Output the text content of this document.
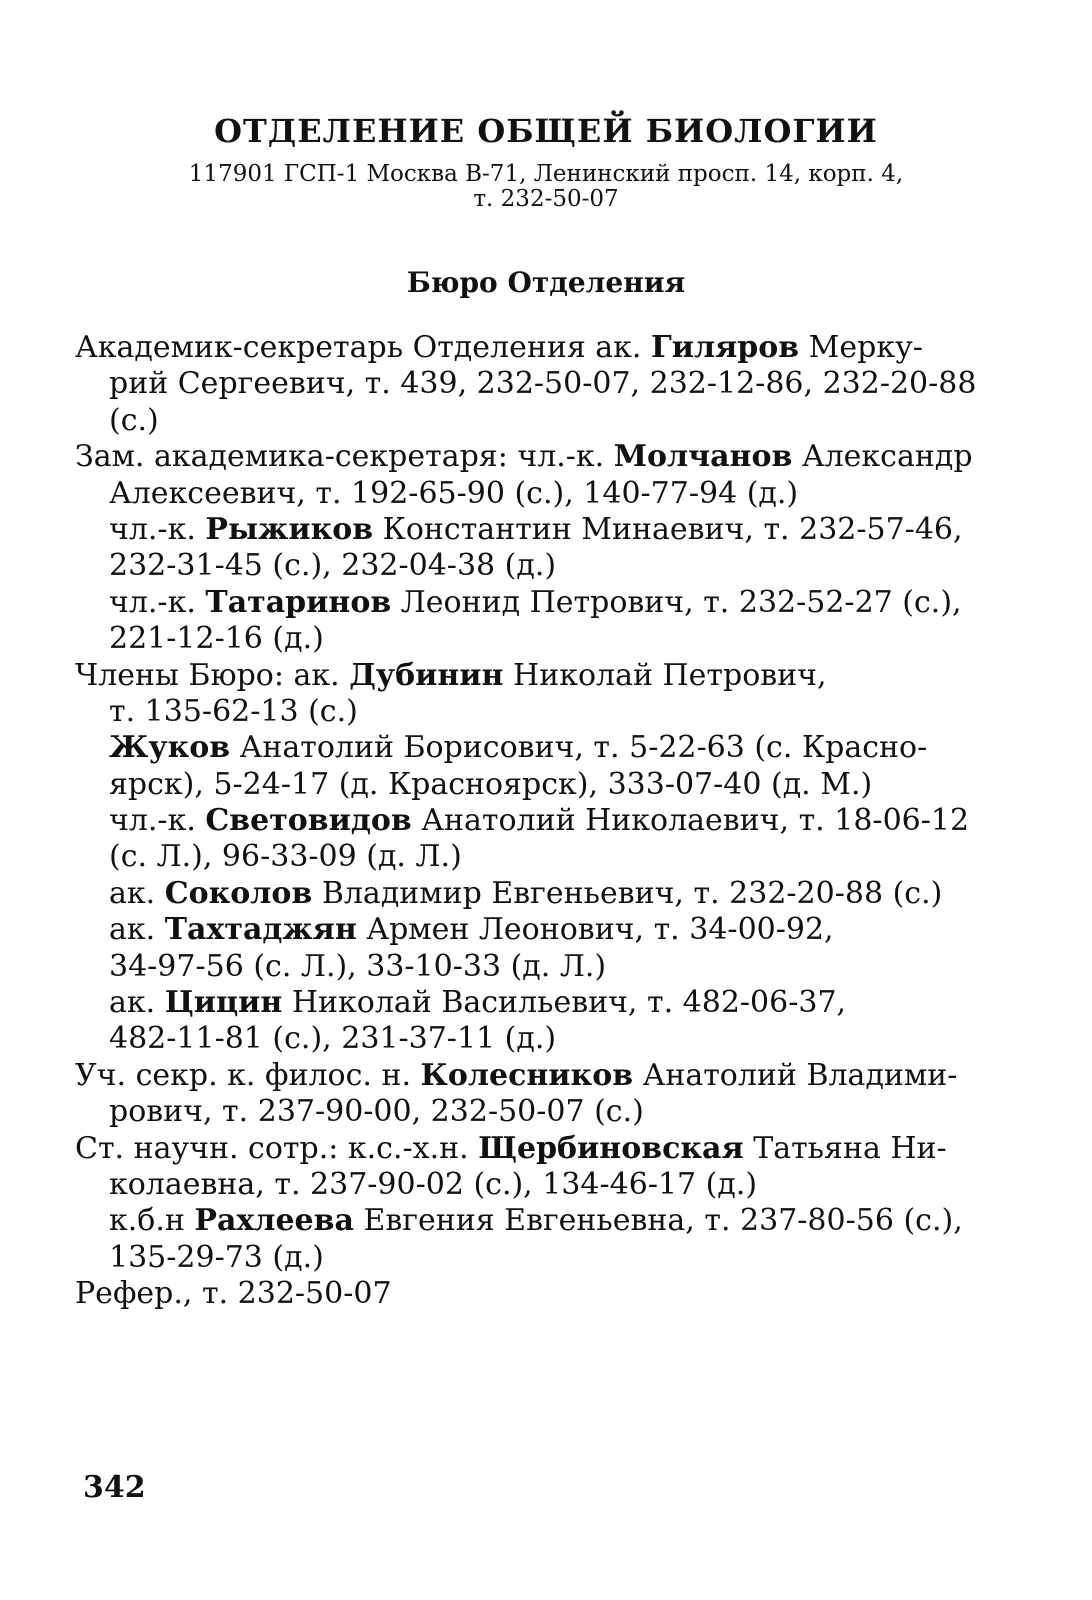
ОТДЕЛЕНИЕ ОБЩЕЙ БИОЛОГИИ
117901 ГСП-1 Москва В-71, Ленинский просп. 14, корп. 4,
т. 232-50-07
Бюро Отделения
Академик-секретарь Отделения ак. Гиляров Мерку-
рий Сергеевич, т. 439, 232-50-07, 232-12-86, 232-20-88
(с.)
Зам. академика-секретаря: чл.-к. Молчанов Александр
Алексеевич, т. 192-65-90 (с.), 140-77-94 (д.)
чл.-к. Рыжиков Константин Минаевич, т. 232-57-46,
232-31-45 (с.), 232-04-38 (д.)
чл.-к. Татаринов Леонид Петрович, т. 232-52-27 (с.),
221-12-16 (д.)
Члены Бюро: ак. Дубинин Николай Петрович,
т. 135-62-13 (с.)
Жуков Анатолий Борисович, т. 5-22-63 (с. Красно-
ярск), 5-24-17 (д. Красноярск), 333-07-40 (д. М.)
чл.-к. Световидов Анатолий Николаевич, т. 18-06-12
(с. Л.), 96-33-09 (д. Л.)
ак. Соколов Владимир Евгеньевич, т. 232-20-88 (с.)
ак. Тахтаджян Армен Леонович, т. 34-00-92,
34-97-56 (с. Л.), 33-10-33 (д. Л.)
ак. Цицин Николай Васильевич, т. 482-06-37,
482-11-81 (с.), 231-37-11 (д.)
Уч. секр. к. филос. н. Колесников Анатолий Владими-
рович, т. 237-90-00, 232-50-07 (с.)
Ст. научн. сотр.: к.с.-х.н. Щербиновская Татьяна Ни-
колаевна, т. 237-90-02 (с.), 134-46-17 (д.)
к.б.н Рахлеева Евгения Евгеньевна, т. 237-80-56 (с.),
135-29-73 (д.)
Рефер., т. 232-50-07
342
